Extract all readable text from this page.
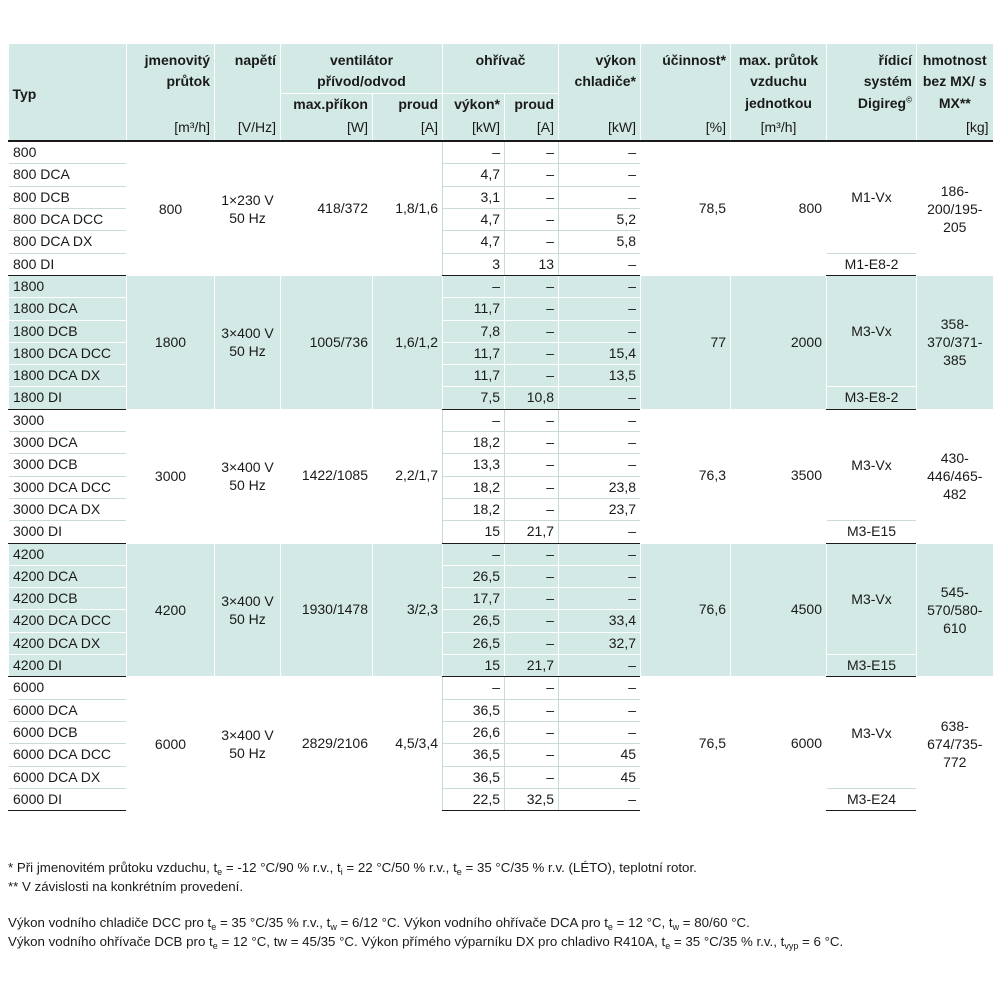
Typ	jmenovitý průtok	napětí	ventilátor přívod/odvod		ohřívač		výkon chladiče*	účinnost*	max. průtok vzduchu jednotkou	řídicí systém Digireg©	hmotnost bez MX/ s MX**
			max.příkon	proud	výkon*	proud					
	[m³/h]	[V/Hz]	[W]	[A]	[kW]	[A]	[kW]	[%]	[m³/h]		[kg]
800	800	1×230 V 50 Hz	418/372	1,8/1,6	–	–	–	78,5	800	M1-Vx	186-200/195-205
800 DCA					4,7	–	–				
800 DCB					3,1	–	–				
800 DCA DCC					4,7	–	5,2				
800 DCA DX					4,7	–	5,8				
800 DI					3	13	–			M1-E8-2	
1800	1800	3×400 V 50 Hz	1005/736	1,6/1,2	–	–	–	77	2000	M3-Vx	358-370/371-385
1800 DCA					11,7	–	–				
1800 DCB					7,8	–	–				
1800 DCA DCC					11,7	–	15,4				
1800 DCA DX					11,7	–	13,5				
1800 DI					7,5	10,8	–			M3-E8-2	
3000	3000	3×400 V 50 Hz	1422/1085	2,2/1,7	–	–	–	76,3	3500	M3-Vx	430-446/465-482
3000 DCA					18,2	–	–				
3000 DCB					13,3	–	–				
3000 DCA DCC					18,2	–	23,8				
3000 DCA DX					18,2	–	23,7				
3000 DI					15	21,7	–			M3-E15	
4200	4200	3×400 V 50 Hz	1930/1478	3/2,3	–	–	–	76,6	4500	M3-Vx	545-570/580-610
4200 DCA					26,5	–	–				
4200 DCB					17,7	–	–				
4200 DCA DCC					26,5	–	33,4				
4200 DCA DX					26,5	–	32,7				
4200 DI					15	21,7	–			M3-E15	
6000	6000	3×400 V 50 Hz	2829/2106	4,5/3,4	–	–	–	76,5	6000	M3-Vx	638-674/735-772
6000 DCA					36,5	–	–				
6000 DCB					26,6	–	–				
6000 DCA DCC					36,5	–	45				
6000 DCA DX					36,5	–	45				
6000 DI					22,5	32,5	–			M3-E24	

* Při jmenovitém průtoku vzduchu, $t_e = -12$ °C/90 % r.v., $t_i = 22$ °C/50 % r.v., $t_e = 35$ °C/35 % r.v. (LÉTO), teplotní rotor.

** V závislosti na konkrétním provedení.

Výkon vodního chladiče DCC pro $t_e = 35$ °C/35 % r.v., $t_w = 6/12$ °C. Výkon vodního ohřívače DCA pro $t_e = 12$ °C, $t_w = 80/60$ °C.

Výkon vodního ohřívače DCB pro $t_e = 12$ °C, tw = 45/35 °C. Výkon přímého výparníku DX pro chladivo R410A, $t_e = 35$ °C/35 % r.v., $t_{vyp} = 6$ °C.
